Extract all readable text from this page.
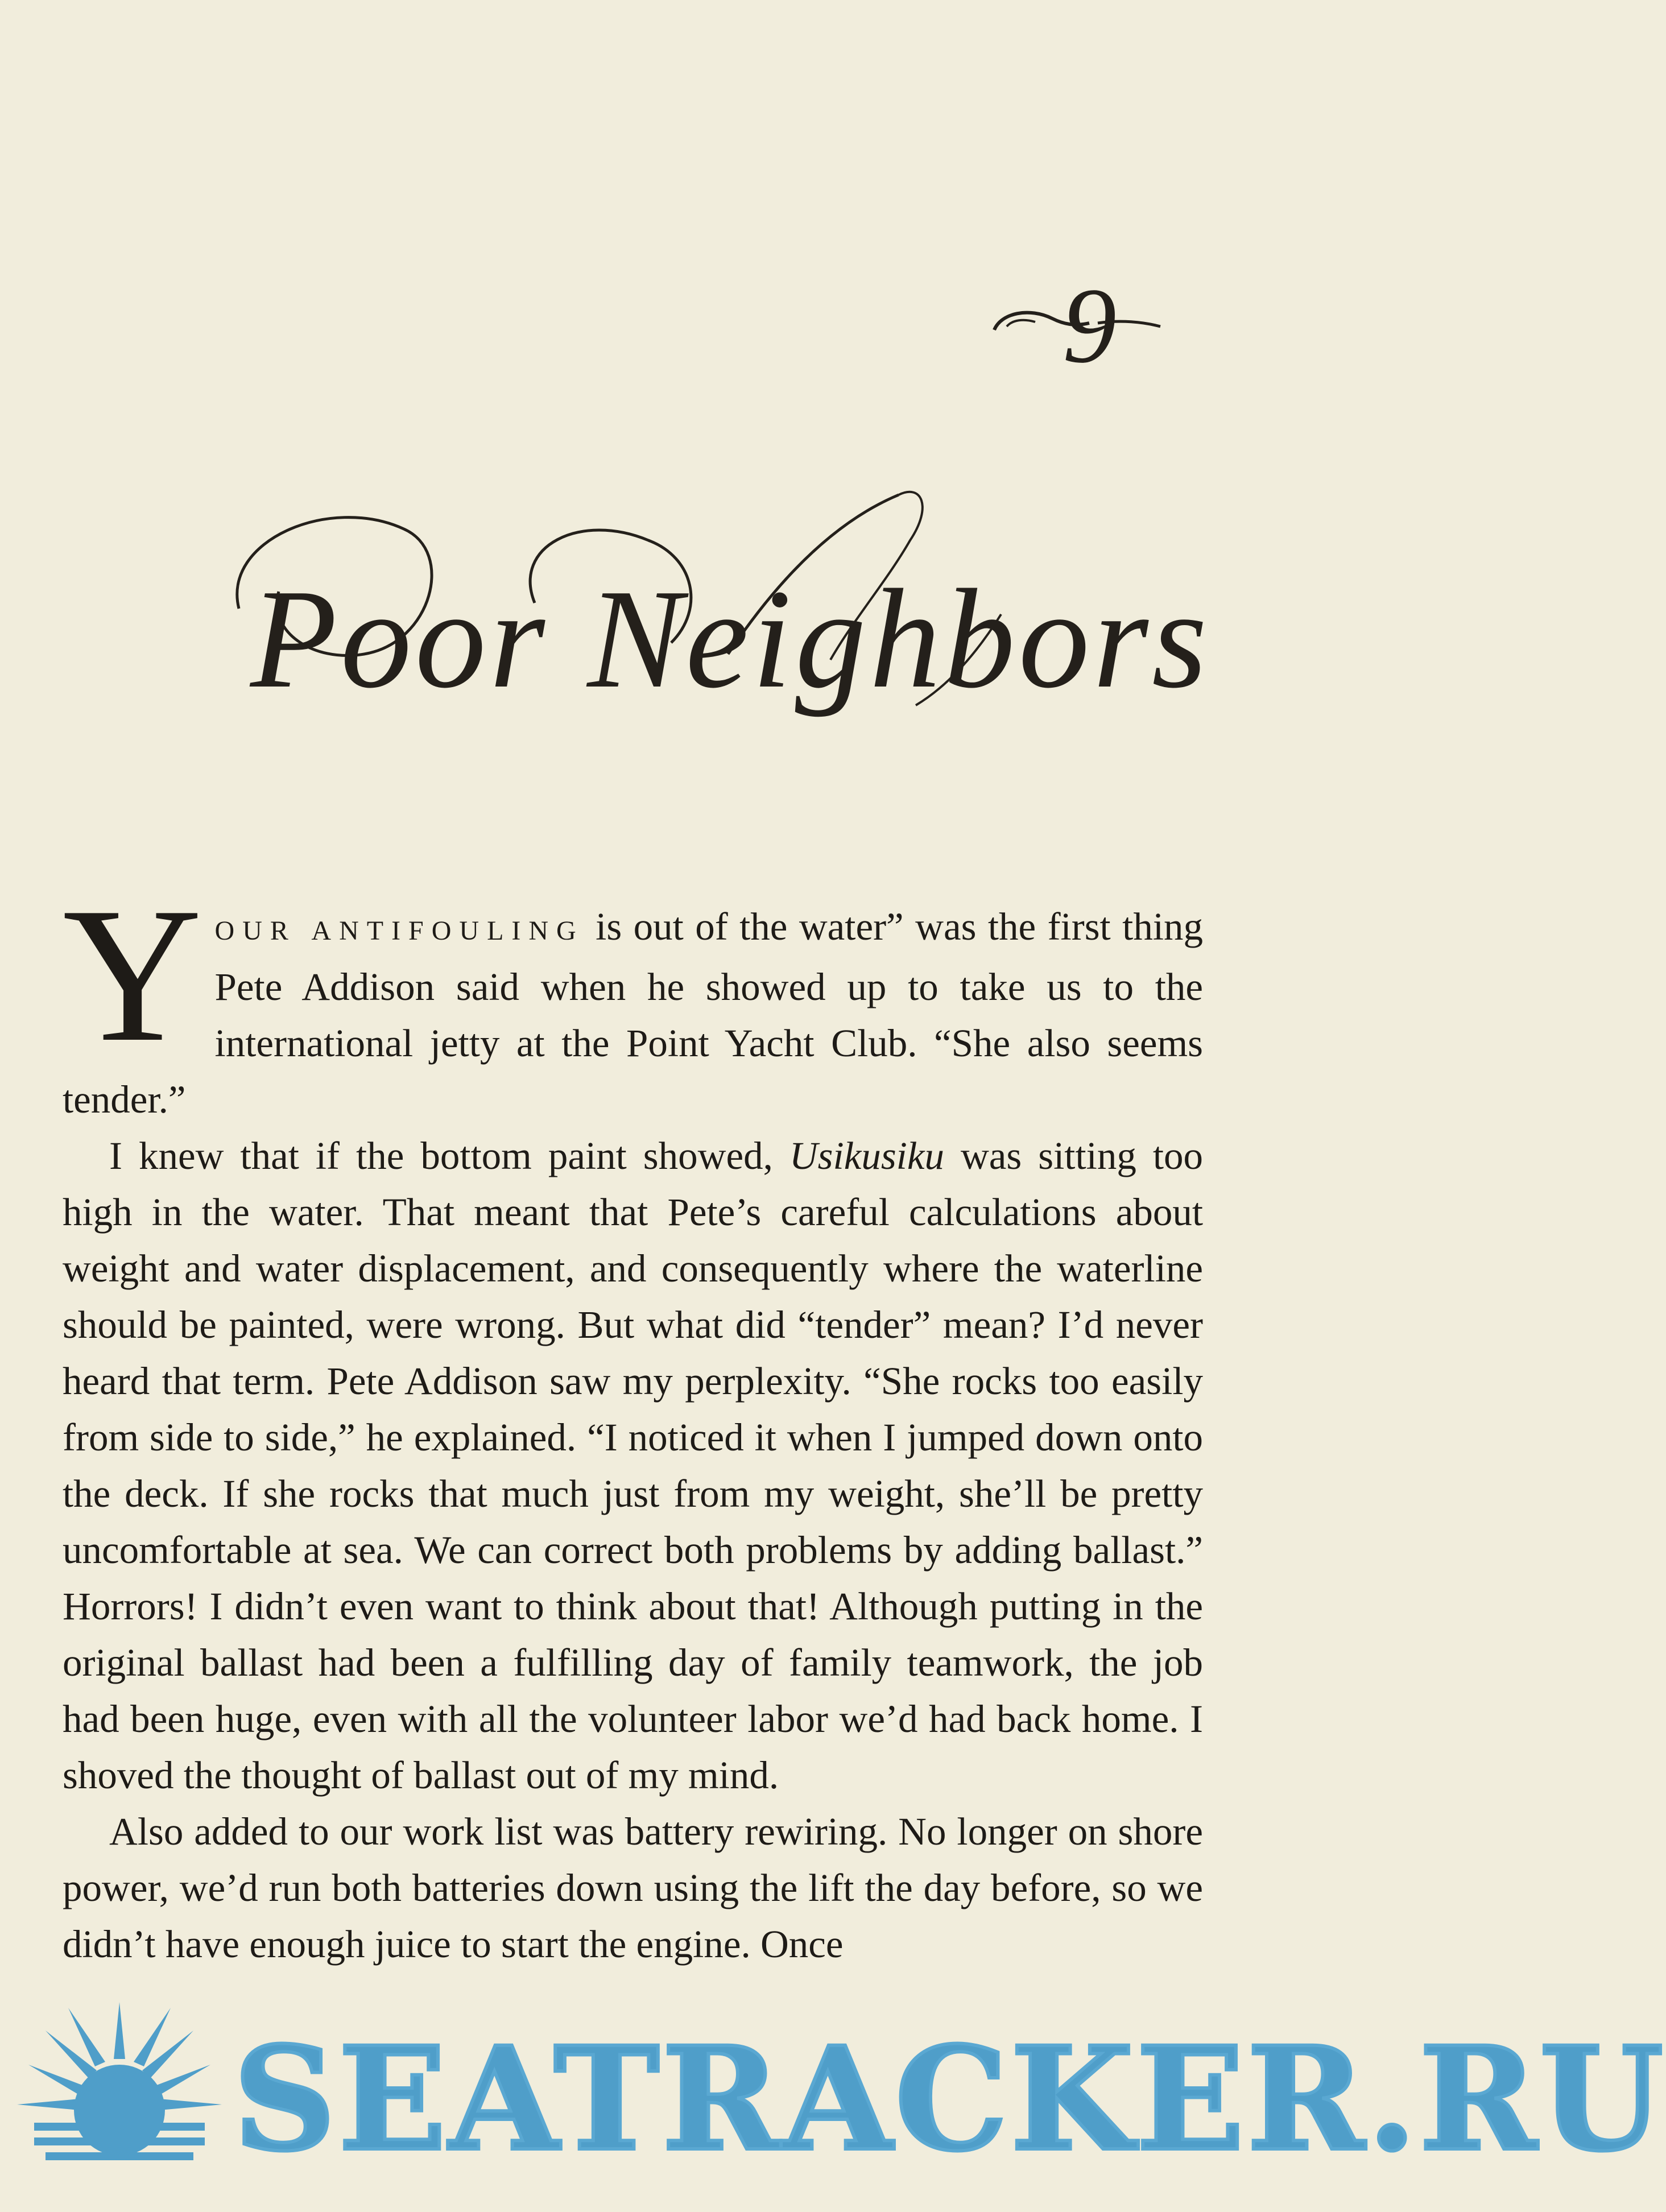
9
Poor Neighbors

YOUR ANTIFOULING is out of the water” was the first thing Pete Addison said when he showed up to take us to the international jetty at the Point Yacht Club. “She also seems tender.”

I knew that if the bottom paint showed, Usikusiku was sitting too high in the water. That meant that Pete’s careful calculations about weight and water displacement, and consequently where the waterline should be painted, were wrong. But what did “tender” mean? I’d never heard that term. Pete Addison saw my perplexity. “She rocks too easily from side to side,” he explained. “I noticed it when I jumped down onto the deck. If she rocks that much just from my weight, she’ll be pretty uncomfortable at sea. We can correct both problems by adding ballast.” Horrors! I didn’t even want to think about that! Although putting in the original ballast had been a fulfilling day of family teamwork, the job had been huge, even with all the volunteer labor we’d had back home. I shoved the thought of ballast out of my mind.

Also added to our work list was battery rewiring. No longer on shore power, we’d run both batteries down using the lift the day before, so we didn’t have enough juice to start the engine. Once

SEATRACKER.RU
